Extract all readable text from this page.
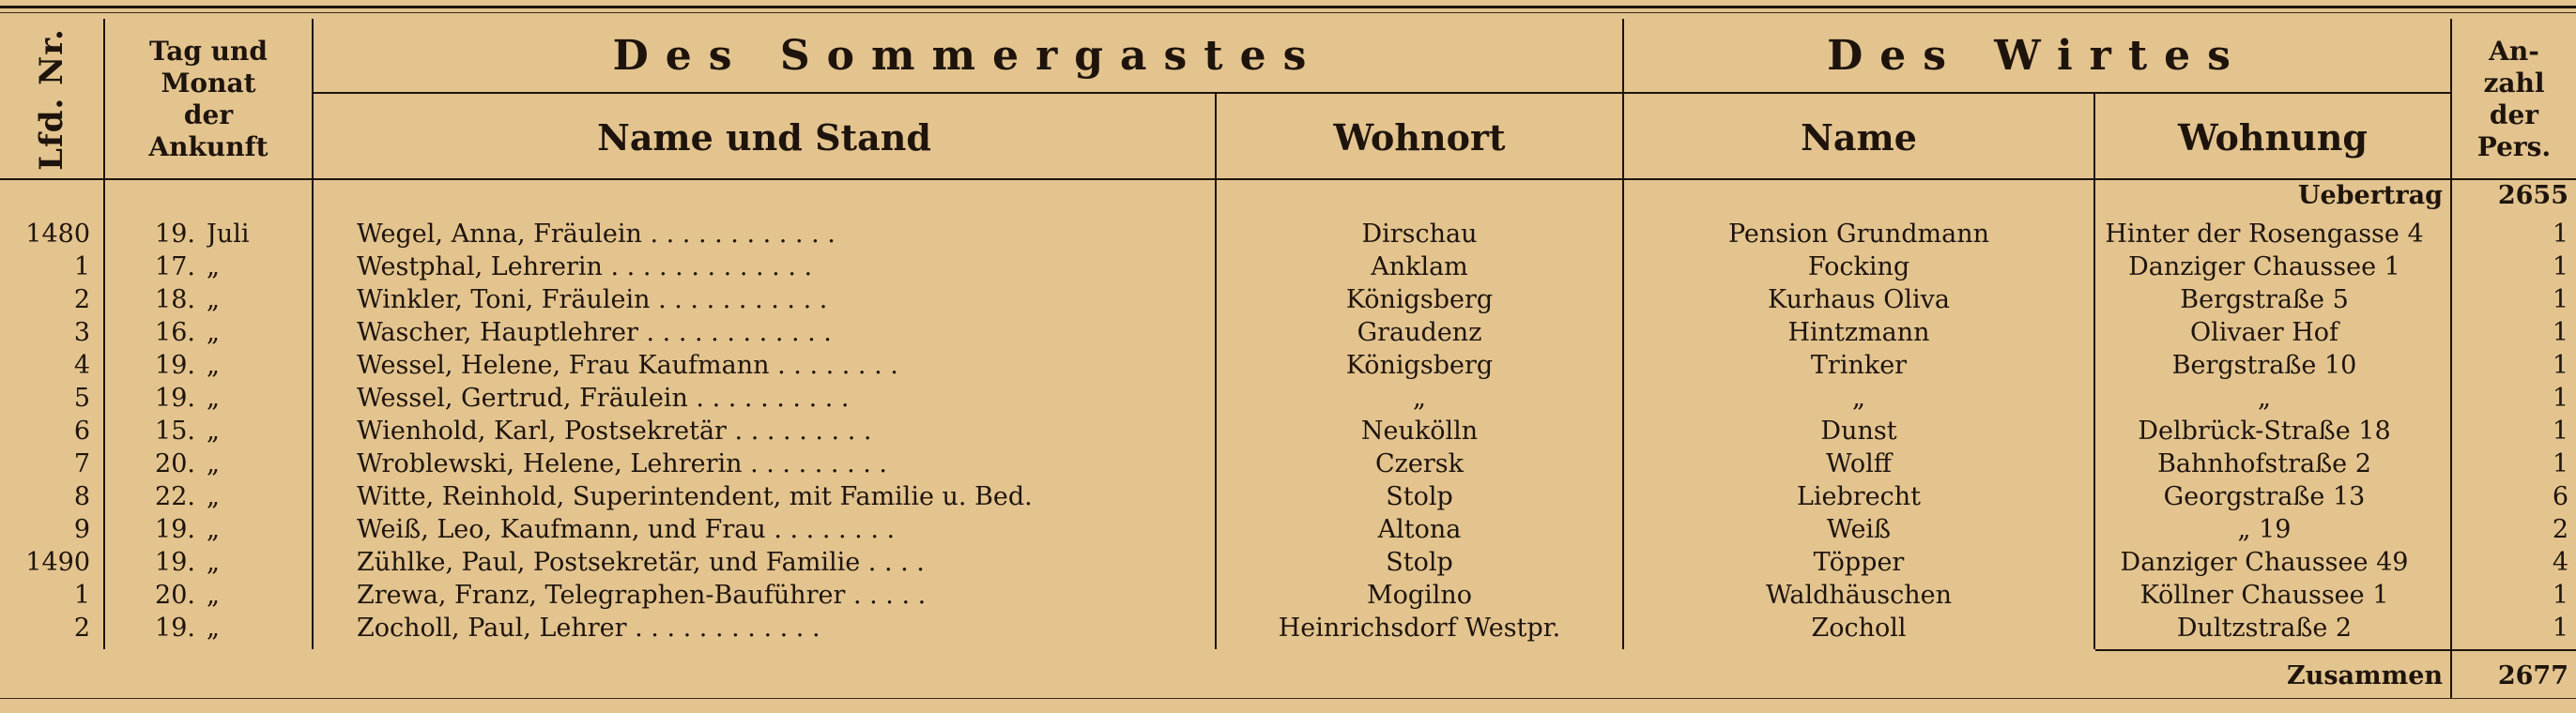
Lfd. Nr.	Tag und
Monat
der
Ankunft
Des Sommergastes	Des Wirtes
Name und Stand	Wohnort	Name	Wohnung
An-
zahl
der
Pers.
Uebertrag	2655
1480	19. Juli	Wegel, Anna, Fräulein . . . . . . . . . . . .	Dirschau	Pension Grundmann	Hinter der Rosengasse 4	1
1	17. „	Westphal, Lehrerin . . . . . . . . . . . . .	Anklam	Focking	Danziger Chaussee 1	1
2	18. „	Winkler, Toni, Fräulein . . . . . . . . . . .	Königsberg	Kurhaus Oliva	Bergstraße 5	1
3	16. „	Wascher, Hauptlehrer . . . . . . . . . . . .	Graudenz	Hintzmann	Olivaer Hof	1
4	19. „	Wessel, Helene, Frau Kaufmann . . . . . . . .	Königsberg	Trinker	Bergstraße 10	1
5	19. „	Wessel, Gertrud, Fräulein . . . . . . . . . .	„	„	„	1
6	15. „	Wienhold, Karl, Postsekretär . . . . . . . . .	Neukölln	Dunst	Delbrück-Straße 18	1
7	20. „	Wroblewski, Helene, Lehrerin . . . . . . . . .	Czersk	Wolff	Bahnhofstraße 2	1
8	22. „	Witte, Reinhold, Superintendent, mit Familie u. Bed.	Stolp	Liebrecht	Georgstraße 13	6
9	19. „	Weiß, Leo, Kaufmann, und Frau . . . . . . . .	Altona	Weiß	„ 19	2
1490	19. „	Zühlke, Paul, Postsekretär, und Familie . . . .	Stolp	Töpper	Danziger Chaussee 49	4
1	20. „	Zrewa, Franz, Telegraphen-Bauführer . . . . .	Mogilno	Waldhäuschen	Köllner Chaussee 1	1
2	19. „	Zocholl, Paul, Lehrer . . . . . . . . . . . .	Heinrichsdorf Westpr.	Zocholl	Dultzstraße 2	1
Zusammen	2677
